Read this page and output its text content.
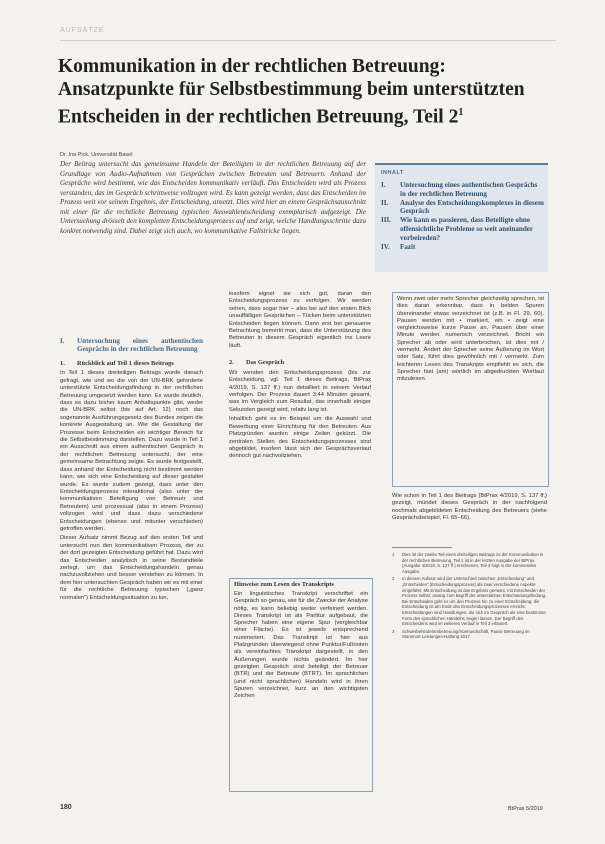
AUFSÄTZE
Kommunikation in der rechtlichen Betreuung: Ansatzpunkte für Selbstbestimmung beim unterstützten Entscheiden in der rechtlichen Betreuung, Teil $2^1$
Dr. Ina Pick, Universität Basel

Der Beitrag untersucht das gemeinsame Handeln der Beteiligten in der rechtlichen Betreuung auf der Grundlage von Audio-Aufnahmen von Gesprächen zwischen Betreuten und Betreuern. Anhand der Gespräche wird bestimmt, wie das Entscheiden kommunikativ verläuft. Das Entscheiden wird als Prozess verstanden, das im Gespräch schrittweise vollzogen wird. Es kann gezeigt werden, dass das Entscheiden im Prozess weit vor seinem Ergebnis, der Entscheidung, ansetzt. Dies wird hier an einem Gesprächsausschnitt mit einer für die rechtliche Betreuung typischen Auswahlentscheidung exemplarisch aufgezeigt. Die Untersuchung drösselt den kompletten Entscheidungsprozess auf und zeigt, welche Handlungsschritte dazu konkret notwendig sind. Dabei zeigt sich auch, wo kommunikative Fallstricke liegen.

INHALT
I.	Untersuchung eines authentischen Gesprächs in der rechtlichen Betreuung
II.	Analyse des Entscheidungskomplexes in diesem Gespräch
III.	Wie kann es passieren, dass Beteiligte ohne offensichtliche Probleme so weit aneinander vorbeireden?
IV.	Fazit
I.	Untersuchung eines authentischen Gesprächs in der rechtlichen Betreuung
1.	Rückblick auf Teil 1 dieses Beitrags

In Teil 1 dieses dreiteiligen Beitrags wurde danach gefragt, wie und wo die von der UN-BRK geforderte unterstützte Entscheidungsfindung in der rechtlichen Betreuung umgesetzt werden kann. Es wurde deutlich, dass es dazu bisher kaum Anhaltspunkte gibt, weder die UN-BRK selbst (bis auf Art. 12) noch das sogenannte Ausführungsgesetz des Bundes zeigen die konkrete Ausgestaltung an. Wie die Gestaltung der Prozesse beim Entscheiden ein wichtiger Bereich für die Selbstbestimmung darstellen. Dazu wurde in Teil 1 ein Ausschnitt aus einem authentischen Gespräch in der rechtlichen Betreuung untersucht, der eine gemeinsame Betrachtung zeigte. Es wurde festgestellt, dass anhand der Entscheidung nicht bestimmt werden kann, wie sich eine Entscheidung auf dieser gestaltet wurde. Es wurde zudem gezeigt, dass unter den Entscheidungsprozess interaktional (also unter der kommunikativen Beteiligung von Betreuer und Betreutem) und prozessual (also in einem Prozess) vollzogen wird und dass dazu verschiedene Entscheidungen (ebenso und mitunter verschieden) getroffen werden.

Dieser Aufsatz nimmt Bezug auf den ersten Teil und untersucht nun den kommunikativen Prozess, der zu der dort gezeigten Entscheidung geführt hat. Dazu wird das Entscheiden analytisch in seine Bestandteile zerlegt, um das Entscheidungshandeln genau nachzuvollziehen und besser verstehen zu können. In dem hier untersuchten Gespräch haben wir es mit einer für die rechtliche Betreuung typischen („ganz normalen“) Entscheidungssituation zu tun,

insofern eignet sie sich gut, daran den Entscheidungsprozess zu verfolgen. Wir werden sehen, dass sogar hier – also bei auf den ersten Blick unauffälligen Gesprächen – Tücken beim unterstützten Entscheiden liegen können. Dann erst bei genauerer Betrachtung bemerkt man, dass die Unterstützung des Betreuten in diesem Gespräch eigentlich ins Leere läuft.

2.	Das Gespräch

Wir wenden den Entscheidungsprozess (bis zur Entscheidung, vgl. Teil 1 dieses Beitrags, BtPrax 4/2019, S. 137 ff.) nun detailliert in seinem Verlauf verfolgen. Der Prozess dauert 3:44 Minuten gesamt, was im Vergleich zum Resultat, das innerhalb einiger Sekunden gezeigt wird, relativ lang ist.

Inhaltlich geht es im Beispiel um die Auswahl und Bewerbung einer Einrichtung für den Betreuten. Aus Platzgründen wurden einige Zeilen gekürzt. Die zentralen Stellen des Entscheidungsprozesses sind abgebildet, insofern lässt sich der Gesprächsverlauf dennoch gut nachvollziehen.

Hinweise zum Lesen des Transkripts

Ein linguistisches Transkript verschriftet ein Gespräch so genau, wie für die Zwecke der Analyse nötig, es kann beliebig weiter verfeinert werden. Dieses Transkript ist als Partitur aufgebaut, die Sprecher haben eine eigene Spur (vergleichbar einer Fläche). Es ist jeweils entsprechend nummeriert. Das Transkript ist hier aus Platzgründen überwiegend ohne Punktur/Fußnoten als vereinfachtes Transkript dargestellt, in den Äußerungen wurde nichts geändert. Im hier gezeigten Gespräch sind beteiligt der Betreuer (BTR) und der Betreute (BTRT). Im sprachlichen (und nicht sprachlichen) Handeln wird in ihren Spuren verzeichnet, kurz an den wichtigsten Zeichen

Wenn zwei oder mehr Sprecher gleichzeitig sprechen, ist dies daran erkennbar, dass in beiden Spuren übereinander etwas verzeichnet ist (z.B. in Fl. 29, 60). Pausen werden mit • markiert, ein • zeigt eine vergleichsweise kurze Pause an, Pausen über einer Minute werden numerisch verzeichnet. Bricht ein Sprecher ab oder wird unterbrochen, ist dies mit / vermerkt. Ändert der Sprecher seine Äußerung im Wort oder Satz, führt dies gewöhnlich mit / vermerkt. Zum leichteren Lesen des Transkripts empfiehlt es sich, die Sprecher fast (am) wörtlich im abgedruckten Wortlaut mitzulesen.

Wie schon in Teil 1 des Beitrags (BtPrax 4/2019, S. 137 ff.) gezeigt, mündet dieses Gespräch in der nachfolgend nochmals abgebildeten Entscheidung des Betreuers (siehe Gesprächsbeispiel, Fl. 65–66).

1	Dies ist der zweite Teil eines dreiteiligen Beitrags zu der Kommunikation in der rechtlichen Betreuung. Teil 1 ist in der letzten Ausgabe der BtPrax (Ausgabe 4/2019, S. 137 ff.) erschienen, Teil 3 folgt in der kommenden Ausgabe.
2	In diesem Aufsatz wird der Unterschied zwischen „Entscheidung“ und „Entscheiden“ (Entscheidungsprozess) als zwei verschiedene Aspekte eingeführt. Mit Entscheidung ist das Ergebnis gemeint, mit Entscheiden der Prozess selbst; analog zum Begriff der unterstützten Entscheidungsfindung. Bei Entscheiden geht es um den Prozess hin zu einer Entscheidung, die Entscheidung ist am Ende des Entscheidungsprozesses erreicht. Entscheidungen sind Handlungen, die sich im Gespräch als eine bestimmte Form des sprachlichen Handelns zeigen lassen. Der Begriff des Entscheidens wird im weiteren Verlauf in Teil 3 erläutert.
3	Schwerbehindertenbetreuung/Vormundschaft, Pause Betreuung im Stammort Leistungen-Haltung 2017
180	BtPrax 5/2019
